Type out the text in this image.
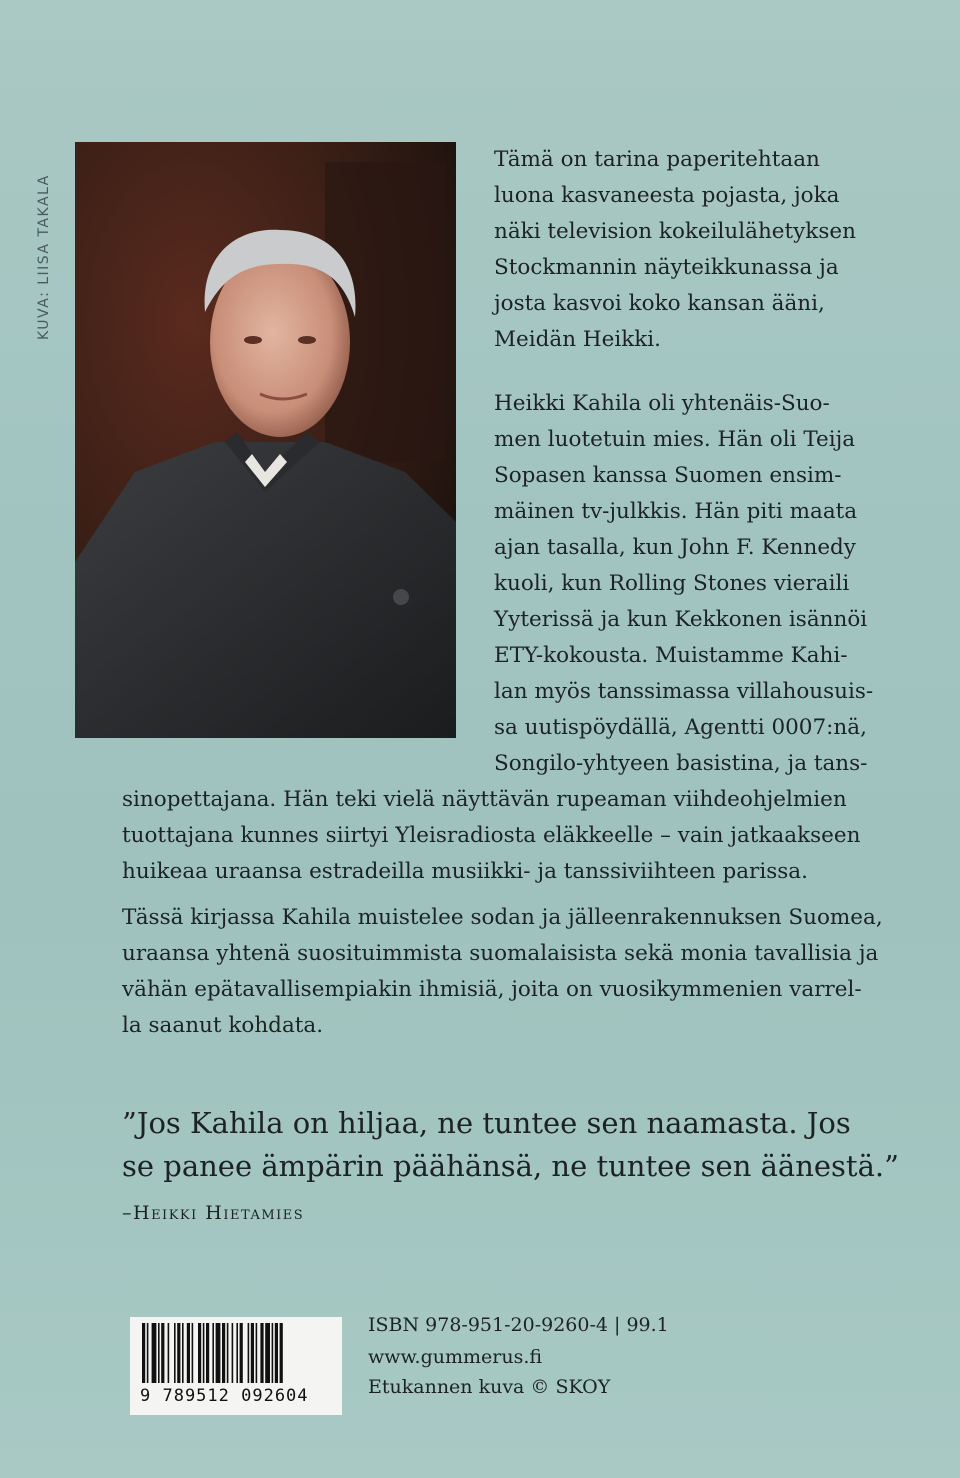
KUVA: LIISA TAKALA
Tämä on tarina paperitehtaan
luona kasvaneesta pojasta, joka
näki television kokeilulähetyksen
Stockmannin näyteikkunassa ja
josta kasvoi koko kansan ääni,
Meidän Heikki.
Heikki Kahila oli yhtenäis-Suo-
men luotetuin mies. Hän oli Teija
Sopasen kanssa Suomen ensim-
mäinen tv-julkkis. Hän piti maata
ajan tasalla, kun John F. Kennedy
kuoli, kun Rolling Stones vieraili
Yyterissä ja kun Kekkonen isännöi
ETY-kokousta. Muistamme Kahi-
lan myös tanssimassa villahousuis-
sa uutispöydällä, Agentti 0007:nä,
Songilo-yhtyeen basistina, ja tans-
sinopettajana. Hän teki vielä näyttävän rupeaman viihdeohjelmien
tuottajana kunnes siirtyi Yleisradiosta eläkkeelle – vain jatkaakseen
huikeaa uraansa estradeilla musiikki- ja tanssiviihteen parissa.
Tässä kirjassa Kahila muistelee sodan ja jälleenrakennuksen Suomea,
uraansa yhtenä suosituimmista suomalaisista sekä monia tavallisia ja
vähän epätavallisempiakin ihmisiä, joita on vuosikymmenien varrel-
la saanut kohdata.
”Jos Kahila on hiljaa, ne tuntee sen naamasta. Jos
se panee ämpärin päähänsä, ne tuntee sen äänestä.”
–Heikki Hietamies
9 789512 092604
ISBN 978-951-20-9260-4 | 99.1
www.gummerus.fi
Etukannen kuva © SKOY
